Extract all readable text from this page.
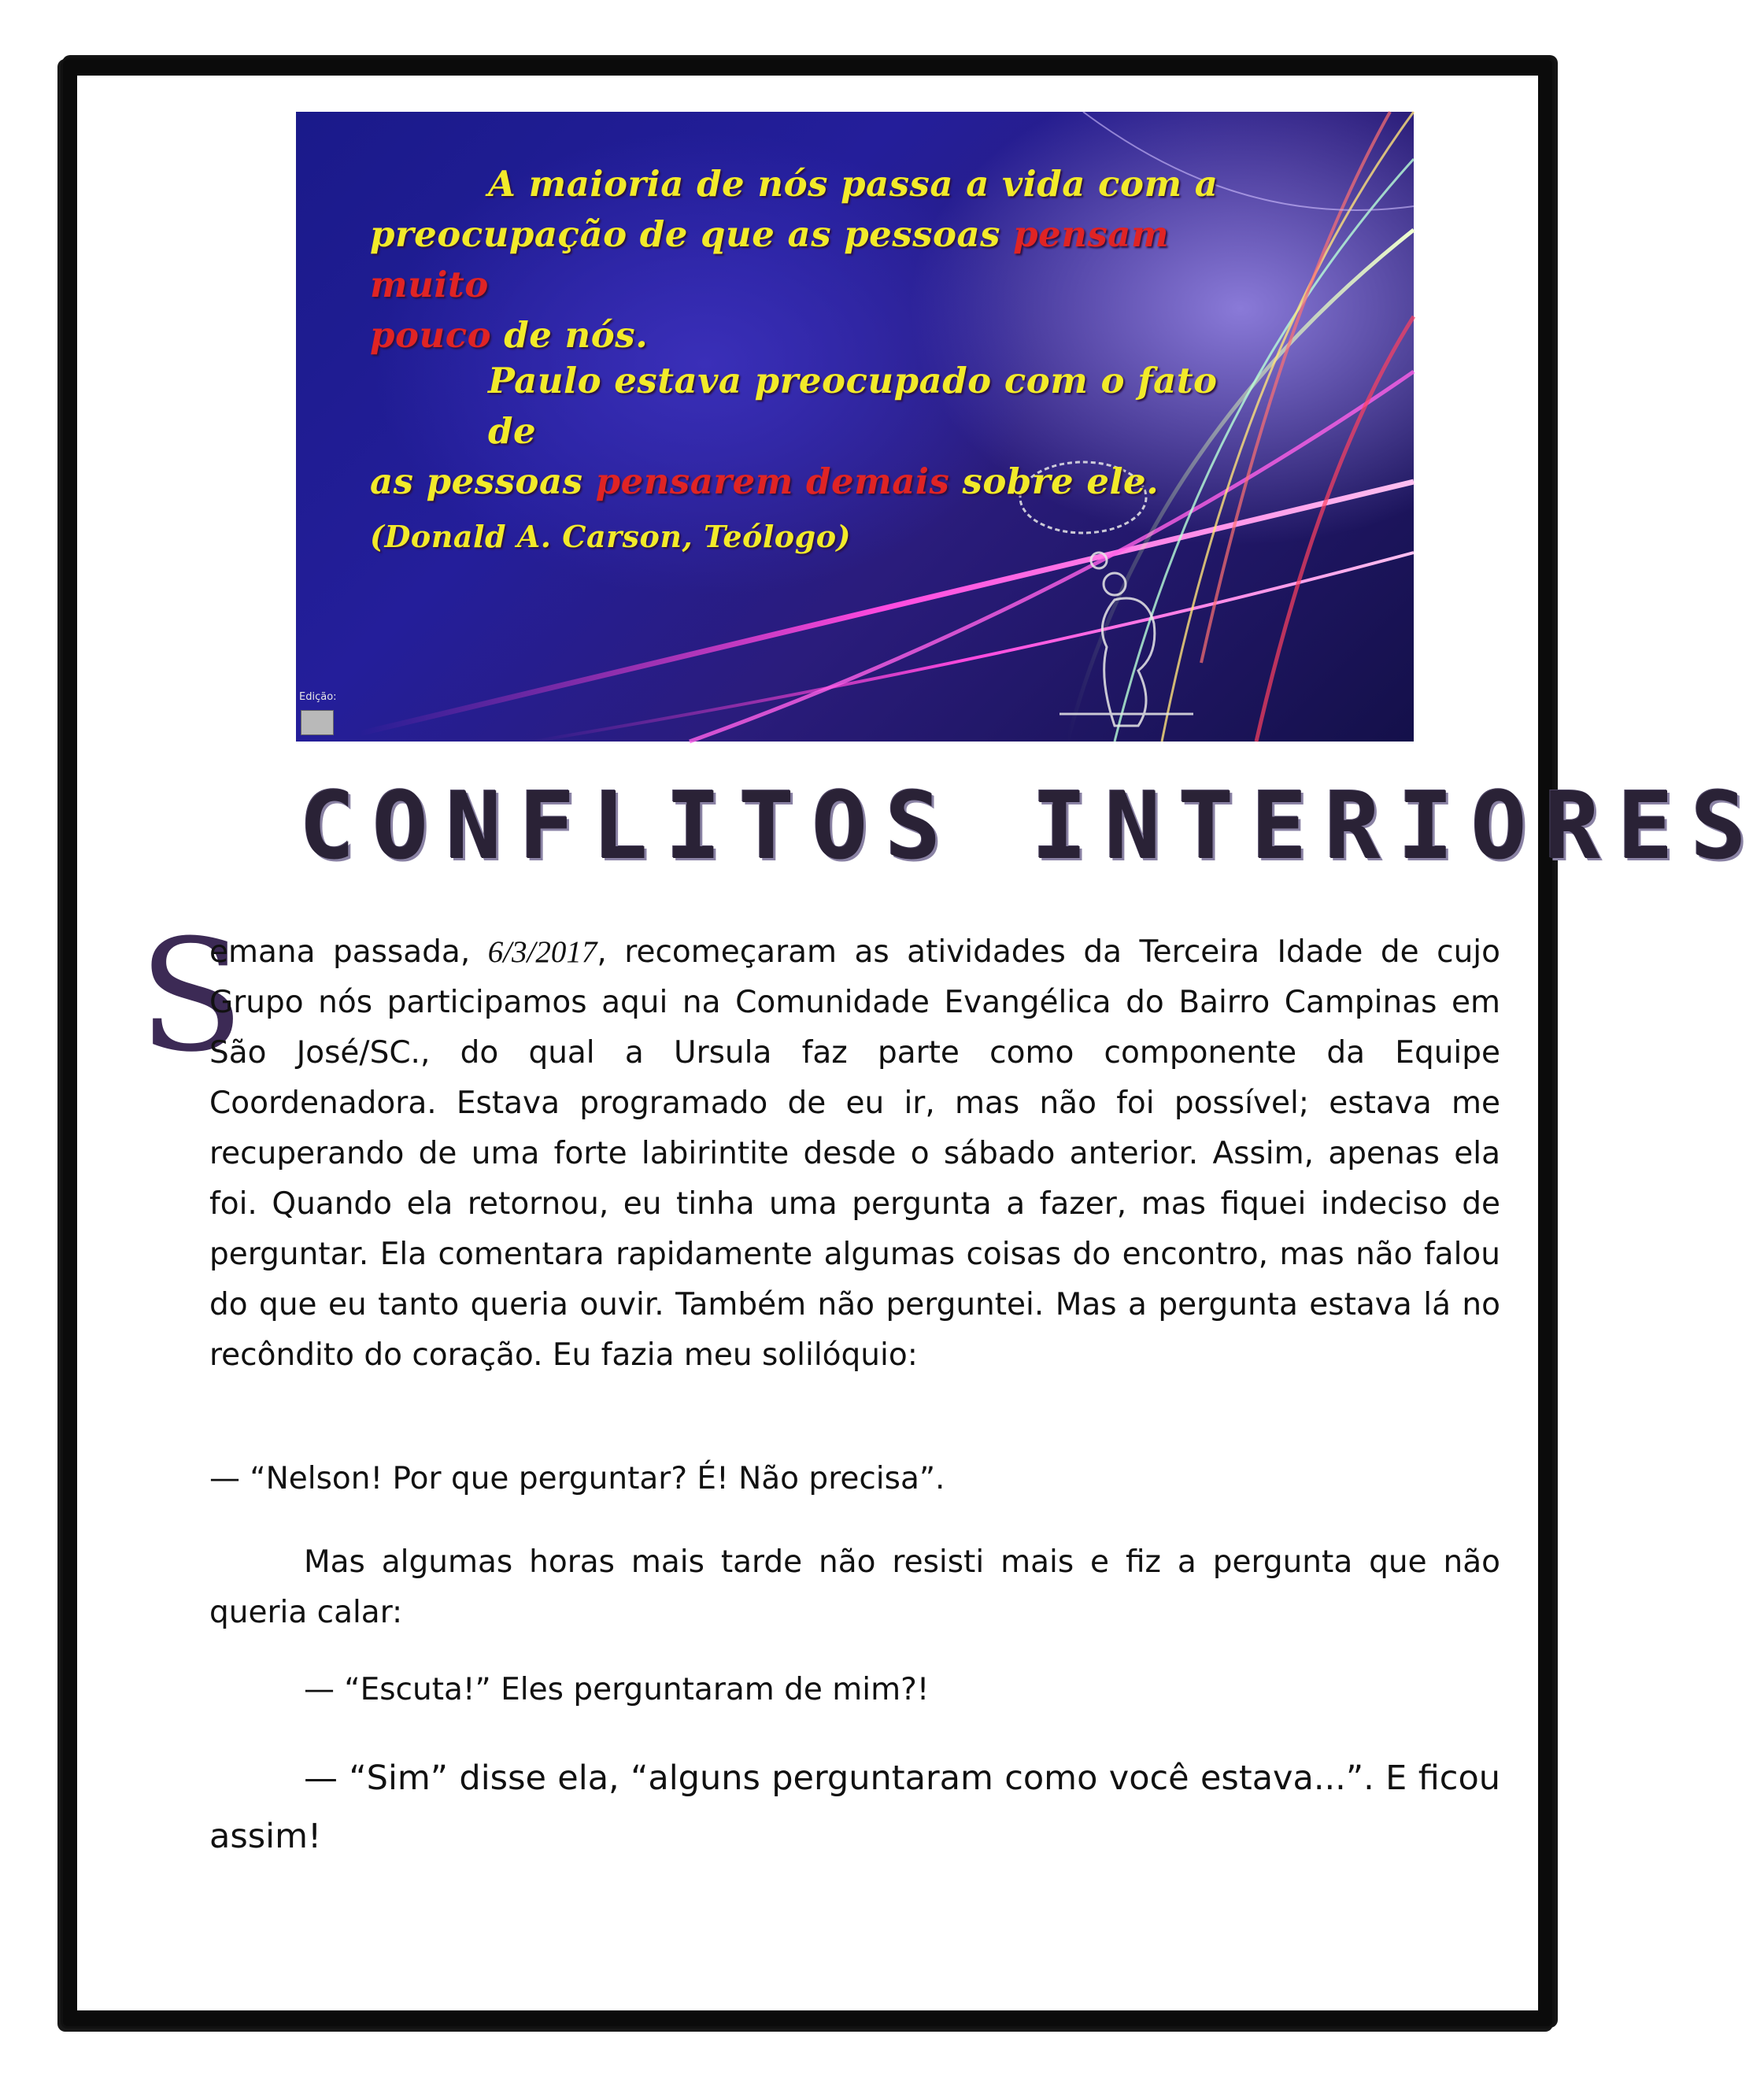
A maioria de nós passa a vida com a
preocupação de que as pessoas pensam muito
pouco de nós.
Paulo estava preocupado com o fato de
as pessoas pensarem demais sobre ele.
(Donald A. Carson, Teólogo)
Edição:
CONFLITOS INTERIORES
S

emana passada, 6/3/2017, recomeçaram as atividades da Terceira Idade de cujo Grupo nós participamos aqui na Comunidade Evangélica do Bairro Campinas em São José/SC., do qual a Ursula faz parte como componente da Equipe Coordenadora. Estava programado de eu ir, mas não foi possível; estava me recuperando de uma forte labirintite desde o sábado anterior. Assim, apenas ela foi. Quando ela retornou, eu tinha uma pergunta a fazer, mas fiquei indeciso de perguntar. Ela comentara rapidamente algumas coisas do encontro, mas não falou do que eu tanto queria ouvir. Também não perguntei. Mas a pergunta estava lá no recôndito do coração. Eu fazia meu solilóquio:

— “Nelson! Por que perguntar? É! Não precisa”.
Mas algumas horas mais tarde não resisti mais e fiz a pergunta que não queria calar:
— “Escuta!” Eles perguntaram de mim?!
— “Sim” disse ela, “alguns perguntaram como você estava...”. E ficou assim!
